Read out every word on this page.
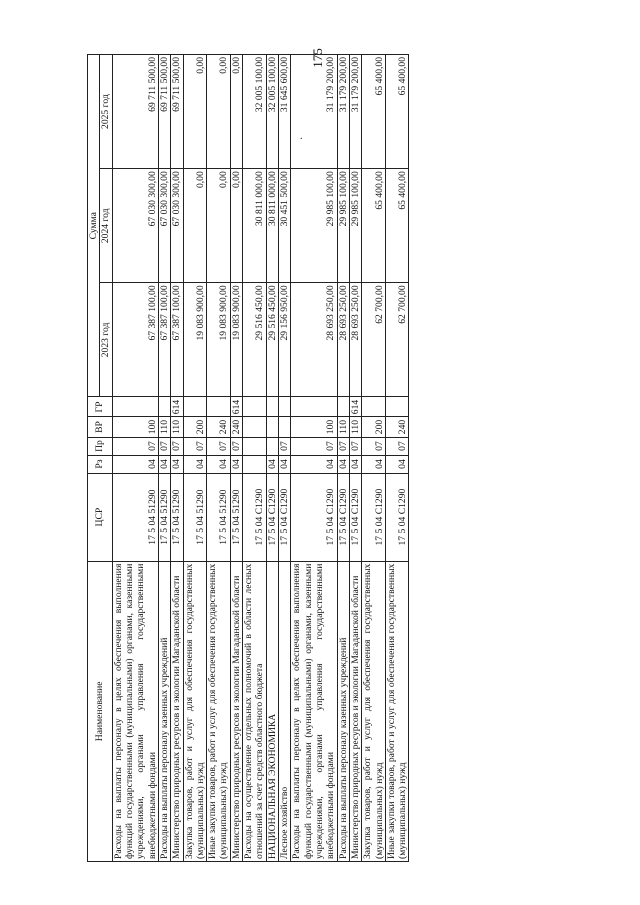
175
.
Наименование	ЦСР	Рз	Пр	ВР	ГР	Сумма		
						2023 год	2024 год	2025 год
Расходы на выплаты персоналу в целях обеспечения выполнения функций государственными (муниципальными) органами, казенными учреждениями, органами управления государственными внебюджетными фондами	17 5 04 51290	04	07	100		67 387 100,00	67 030 300,00	69 711 500,00
Расходы на выплаты персоналу казенных учреждений	17 5 04 51290	04	07	110		67 387 100,00	67 030 300,00	69 711 500,00
Министерство природных ресурсов и экологии Магаданской области	17 5 04 51290	04	07	110	614	67 387 100,00	67 030 300,00	69 711 500,00
Закупка товаров, работ и услуг для обеспечения государственных (муниципальных) нужд	17 5 04 51290	04	07	200		19 083 900,00	0,00	0,00
Иные закупки товаров, работ и услуг для обеспечения государственных (муниципальных) нужд	17 5 04 51290	04	07	240		19 083 900,00	0,00	0,00
Министерство природных ресурсов и экологии Магаданской области	17 5 04 51290	04	07	240	614	19 083 900,00	0,00	0,00
Расходы на осуществление отдельных полномочий в области лесных отношений за счет средств областного бюджета	17 5 04 С1290					29 516 450,00	30 811 000,00	32 005 100,00
НАЦИОНАЛЬНАЯ ЭКОНОМИКА	17 5 04 С1290	04				29 516 450,00	30 811 000,00	32 005 100,00
Лесное хозяйство	17 5 04 С1290	04	07			29 156 950,00	30 451 500,00	31 645 600,00
Расходы на выплаты персоналу в целях обеспечения выполнения функций государственными (муниципальными) органами, казенными учреждениями, органами управления государственными внебюджетными фондами	17 5 04 С1290	04	07	100		28 693 250,00	29 985 100,00	31 179 200,00
Расходы на выплаты персоналу казенных учреждений	17 5 04 С1290	04	07	110		28 693 250,00	29 985 100,00	31 179 200,00
Министерство природных ресурсов и экологии Магаданской области	17 5 04 С1290	04	07	110	614	28 693 250,00	29 985 100,00	31 179 200,00
Закупка товаров, работ и услуг для обеспечения государственных (муниципальных) нужд	17 5 04 С1290	04	07	200		62 700,00	65 400,00	65 400,00
Иные закупки товаров, работ и услуг для обеспечения государственных (муниципальных) нужд	17 5 04 С1290	04	07	240		62 700,00	65 400,00	65 400,00
